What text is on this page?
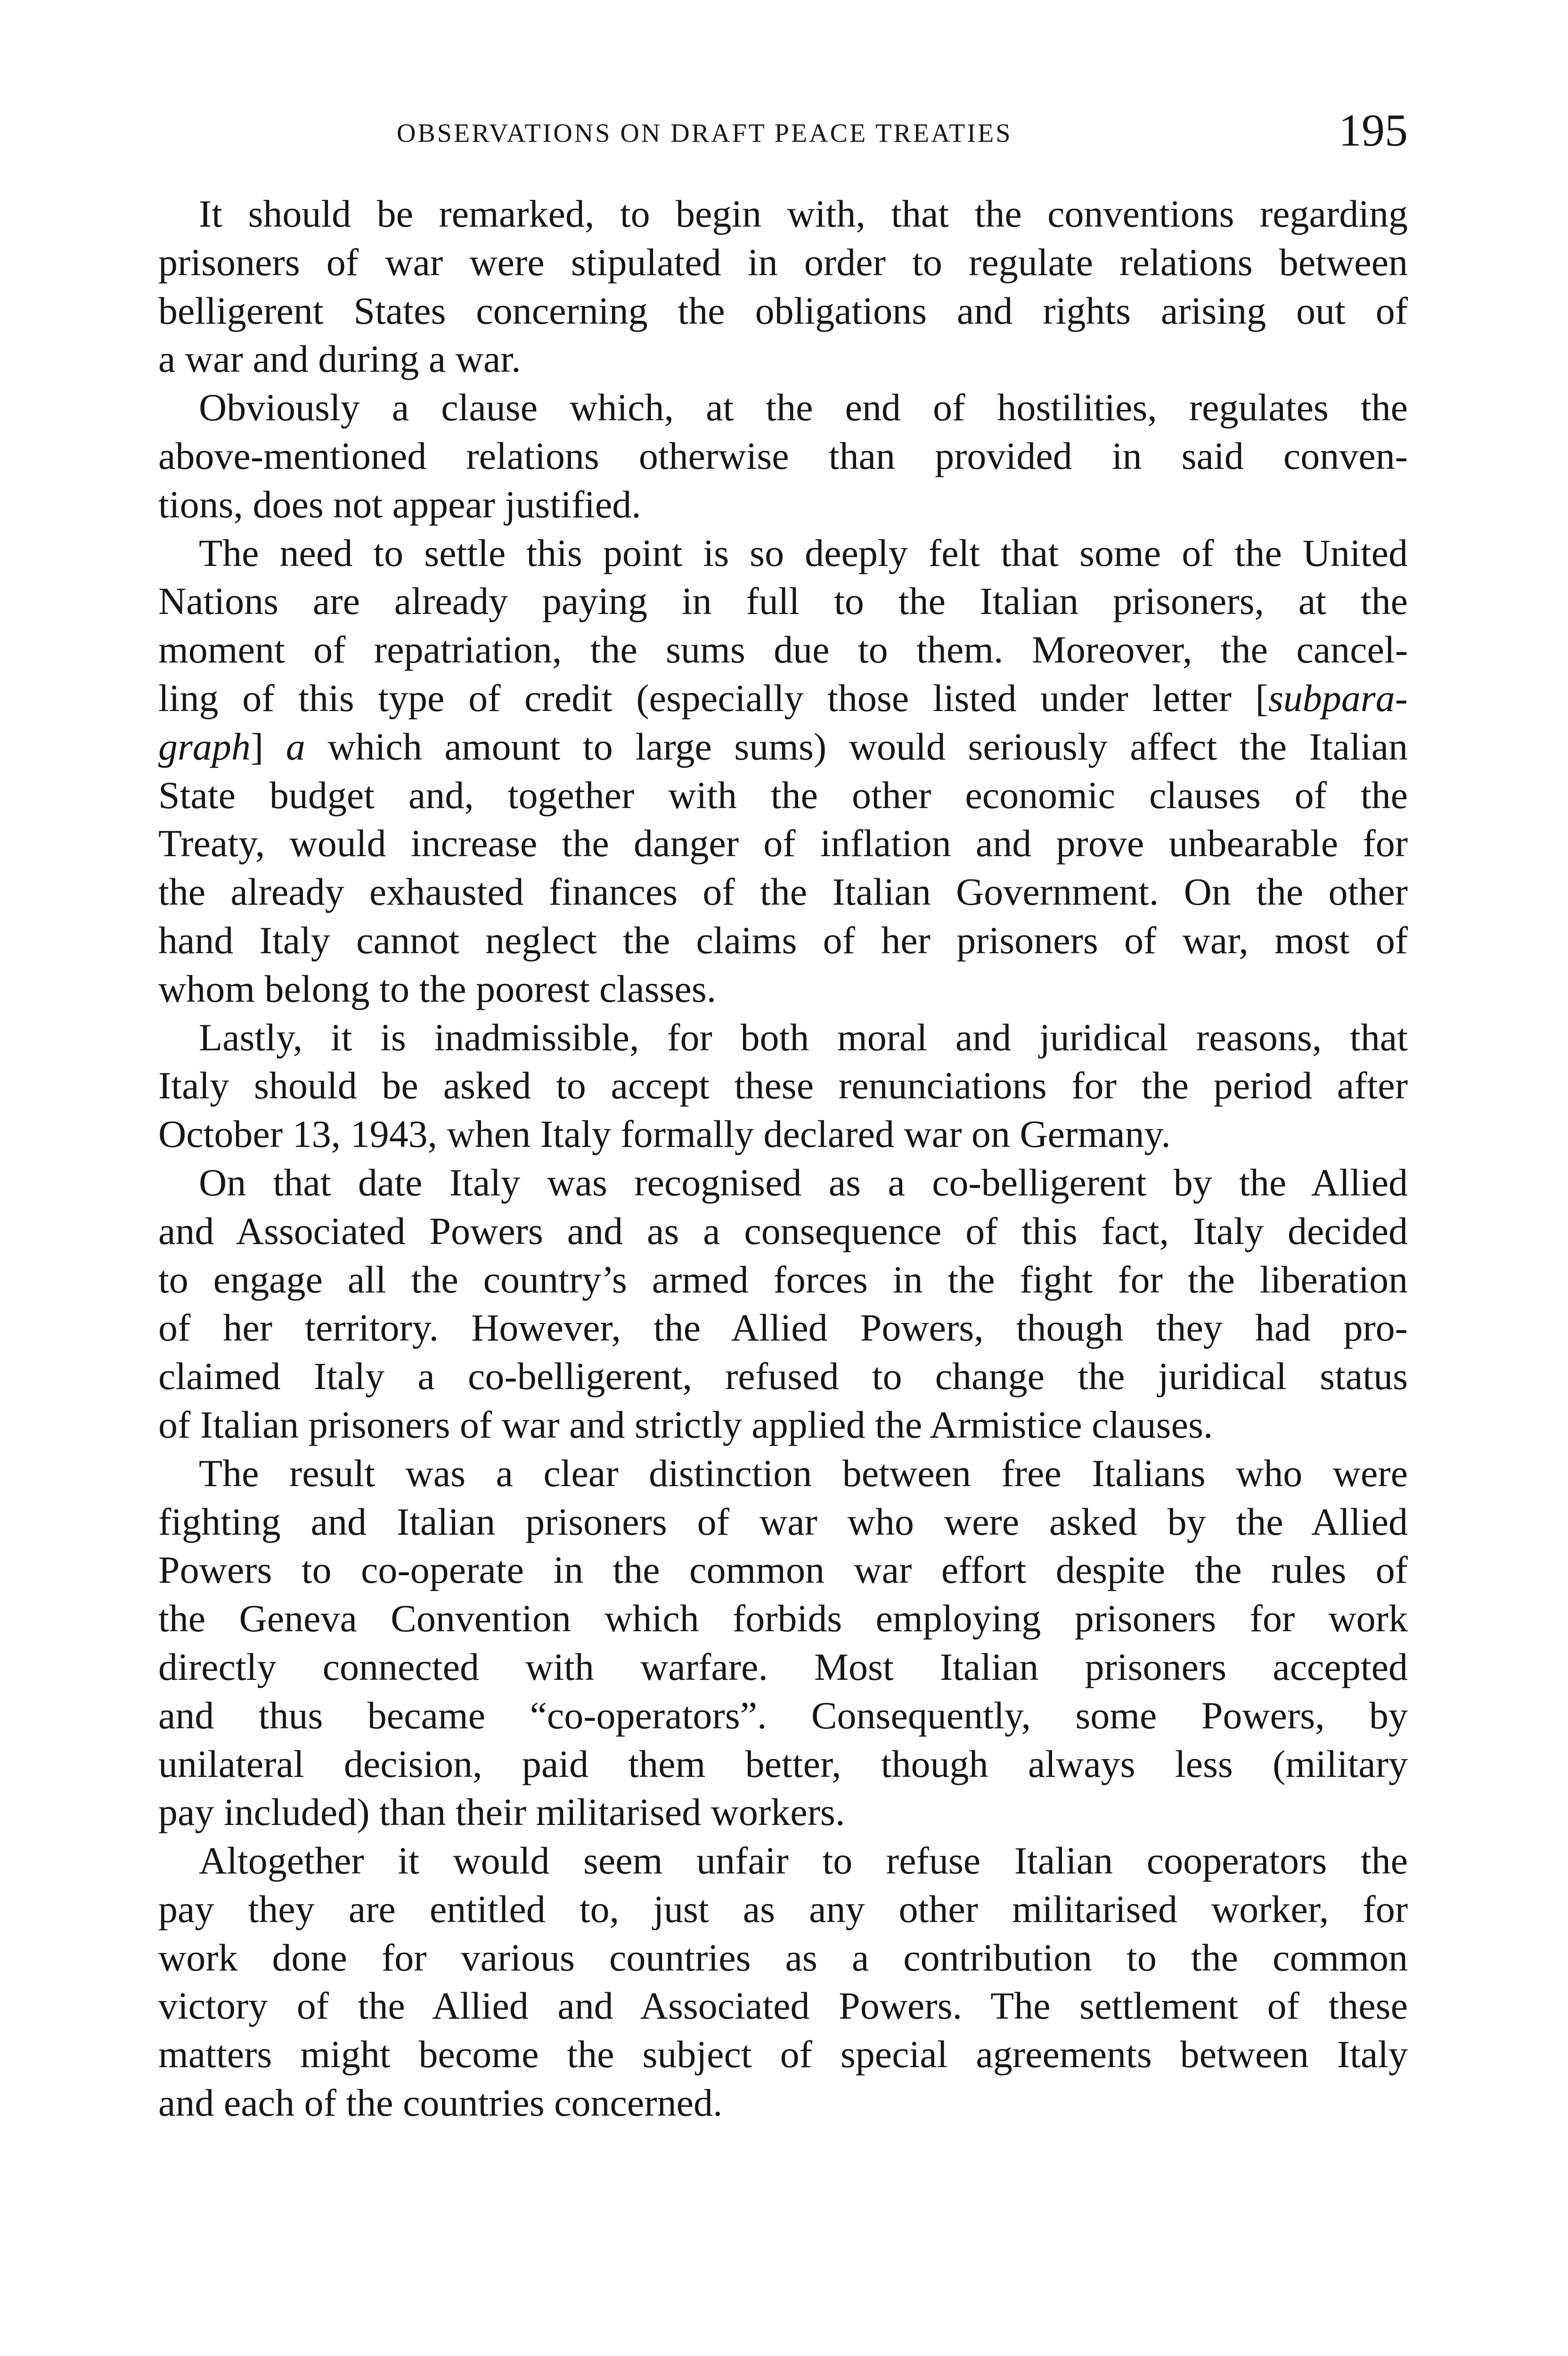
OBSERVATIONS ON DRAFT PEACE TREATIES	195
It should be remarked, to begin with, that the conventions regarding
prisoners of war were stipulated in order to regulate relations between
belligerent States concerning the obligations and rights arising out of
a war and during a war.
Obviously a clause which, at the end of hostilities, regulates the
above-mentioned relations otherwise than provided in said conven-
tions, does not appear justified.
The need to settle this point is so deeply felt that some of the United
Nations are already paying in full to the Italian prisoners, at the
moment of repatriation, the sums due to them. Moreover, the cancel-
ling of this type of credit (especially those listed under letter [subpara-
graph] a which amount to large sums) would seriously affect the Italian
State budget and, together with the other economic clauses of the
Treaty, would increase the danger of inflation and prove unbearable for
the already exhausted finances of the Italian Government. On the other
hand Italy cannot neglect the claims of her prisoners of war, most of
whom belong to the poorest classes.
Lastly, it is inadmissible, for both moral and juridical reasons, that
Italy should be asked to accept these renunciations for the period after
October 13, 1943, when Italy formally declared war on Germany.
On that date Italy was recognised as a co-belligerent by the Allied
and Associated Powers and as a consequence of this fact, Italy decided
to engage all the country’s armed forces in the fight for the liberation
of her territory. However, the Allied Powers, though they had pro-
claimed Italy a co-belligerent, refused to change the juridical status
of Italian prisoners of war and strictly applied the Armistice clauses.
The result was a clear distinction between free Italians who were
fighting and Italian prisoners of war who were asked by the Allied
Powers to co-operate in the common war effort despite the rules of
the Geneva Convention which forbids employing prisoners for work
directly connected with warfare. Most Italian prisoners accepted
and thus became “co-operators”. Consequently, some Powers, by
unilateral decision, paid them better, though always less (military
pay included) than their militarised workers.
Altogether it would seem unfair to refuse Italian cooperators the
pay they are entitled to, just as any other militarised worker, for
work done for various countries as a contribution to the common
victory of the Allied and Associated Powers. The settlement of these
matters might become the subject of special agreements between Italy
and each of the countries concerned.
